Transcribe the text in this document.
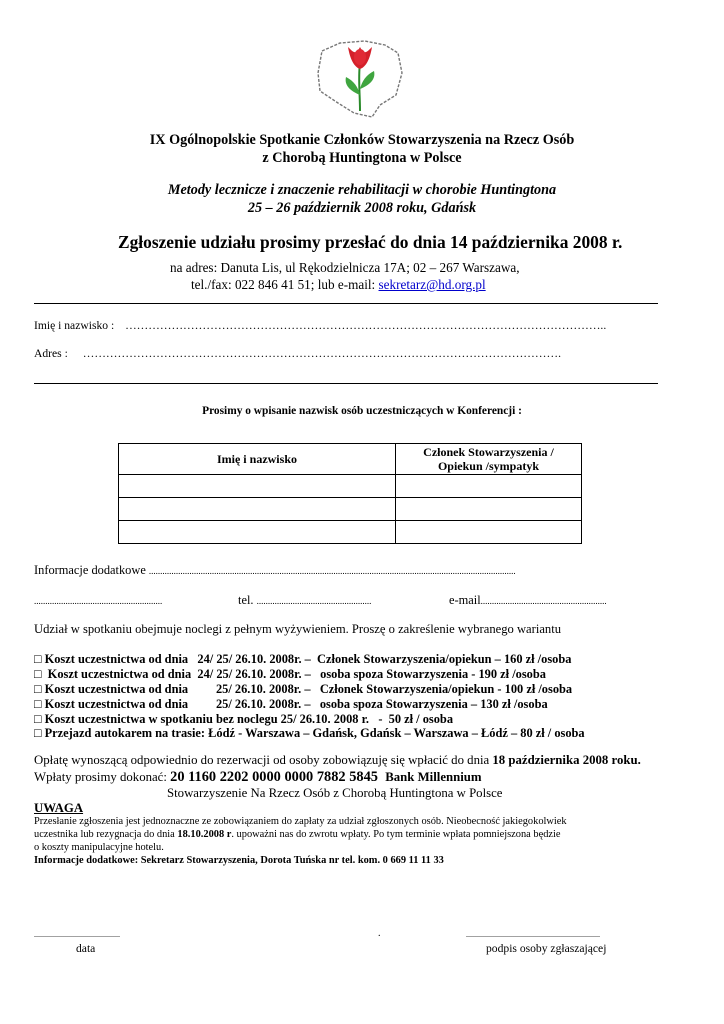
IX Ogólnopolskie Spotkanie Członków Stowarzyszenia na Rzecz Osób
z Chorobą Huntingtona w Polsce
Metody lecznicze i znaczenie rehabilitacji w chorobie Huntingtona
25 – 26 październik 2008 roku, Gdańsk
Zgłoszenie udziału prosimy przesłać do dnia 14 października 2008 r.
na adres: Danuta Lis, ul Rękodzielnicza 17A; 02 – 267 Warszawa,
tel./fax: 022 846 41 51; lub e-mail: sekretarz@hd.org.pl
Imię i nazwisko : ……………………………………………………………………………………………………………..
Adres : …………………………………………………………………………………………………………….
Prosimy o wpisanie nazwisk osób uczestniczących w Konferencji :
Imię i nazwisko	Członek Stowarzyszenia /
Opiekun /sympatyk

Informacje dodatkowe ...................................................................................................................................................................
.........................................................	tel. ...................................................	e-mail........................................................
Udział w spotkaniu obejmuje noclegi z pełnym wyżywieniem. Proszę o zakreślenie wybranego wariantu
□ Koszt uczestnictwa od dnia   24/ 25/ 26.10. 2008r. –  Członek Stowarzyszenia/opiekun – 160 zł /osoba
□  Koszt uczestnictwa od dnia  24/ 25/ 26.10. 2008r. –   osoba spoza Stowarzyszenia - 190 zł /osoba
□ Koszt uczestnictwa od dnia         25/ 26.10. 2008r. –   Członek Stowarzyszenia/opiekun - 100 zł /osoba
□ Koszt uczestnictwa od dnia         25/ 26.10. 2008r. –   osoba spoza Stowarzyszenia – 130 zł /osoba
□ Koszt uczestnictwa w spotkaniu bez noclegu 25/ 26.10. 2008 r.   -  50 zł / osoba
□ Przejazd autokarem na trasie: Łódź - Warszawa – Gdańsk, Gdańsk – Warszawa – Łódź – 80 zł / osoba
Opłatę wynoszącą odpowiednio do rezerwacji od osoby zobowiązuję się wpłacić do dnia 18 października 2008 roku.
Wpłaty prosimy dokonać: 20 1160 2202 0000 0000 7882 5845 Bank Millennium
Stowarzyszenie Na Rzecz Osób z Chorobą Huntingtona w Polsce
UWAGA
Przesłanie zgłoszenia jest jednoznaczne ze zobowiązaniem do zapłaty za udział zgłoszonych osób. Nieobecność jakiegokolwiek
uczestnika lub rezygnacja do dnia 18.10.2008 r. upoważni nas do zwrotu wpłaty. Po tym terminie wpłata pomniejszona będzie
o koszty manipulacyjne hotelu.
Informacje dodatkowe: Sekretarz Stowarzyszenia, Dorota Tuńska nr tel. kom. 0 669 11 11 33
...........................................	.	...................................................................
data	podpis osoby zgłaszającej
